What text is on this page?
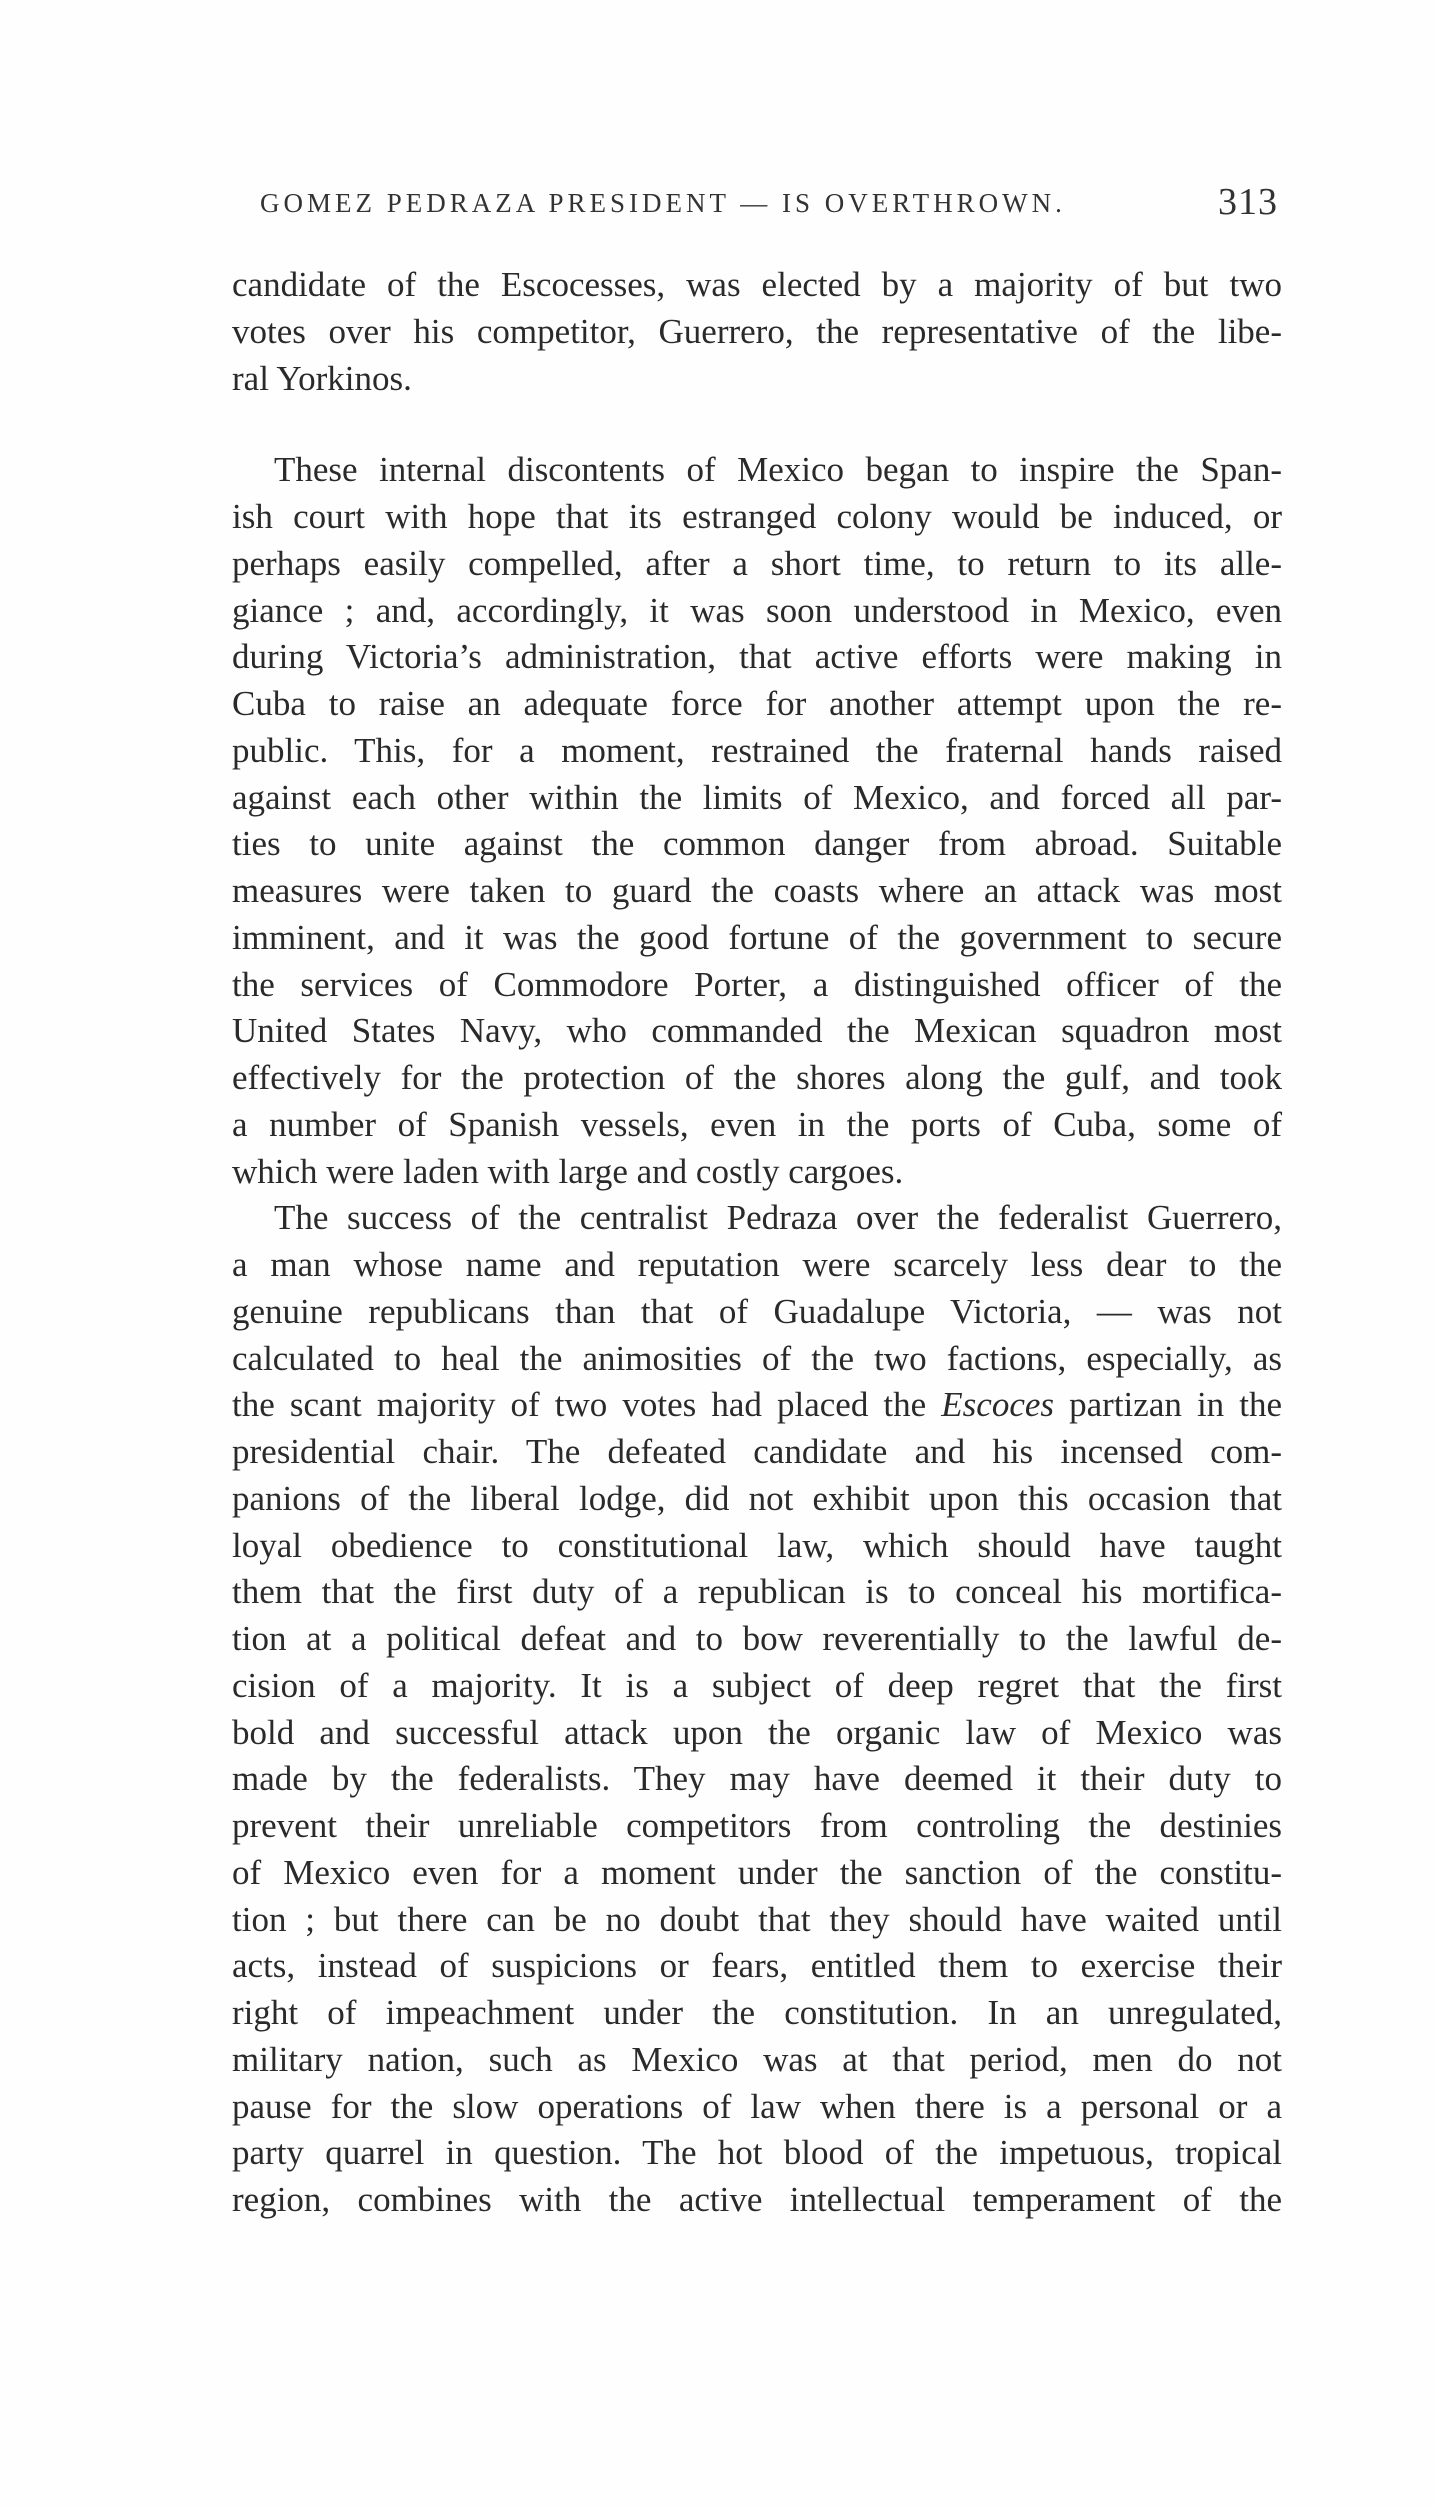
GOMEZ PEDRAZA PRESIDENT — IS OVERTHROWN.	313
candidate of the Escocesses, was elected by a majority of but two
votes over his competitor, Guerrero, the representative of the libe-
ral Yorkinos.
These internal discontents of Mexico began to inspire the Span-
ish court with hope that its estranged colony would be induced, or
perhaps easily compelled, after a short time, to return to its alle-
giance ; and, accordingly, it was soon understood in Mexico, even
during Victoria’s administration, that active efforts were making in
Cuba to raise an adequate force for another attempt upon the re-
public. This, for a moment, restrained the fraternal hands raised
against each other within the limits of Mexico, and forced all par-
ties to unite against the common danger from abroad. Suitable
measures were taken to guard the coasts where an attack was most
imminent, and it was the good fortune of the government to secure
the services of Commodore Porter, a distinguished officer of the
United States Navy, who commanded the Mexican squadron most
effectively for the protection of the shores along the gulf, and took
a number of Spanish vessels, even in the ports of Cuba, some of
which were laden with large and costly cargoes.
The success of the centralist Pedraza over the federalist Guerrero,
a man whose name and reputation were scarcely less dear to the
genuine republicans than that of Guadalupe Victoria, — was not
calculated to heal the animosities of the two factions, especially, as
the scant majority of two votes had placed the Escoces partizan in the
presidential chair. The defeated candidate and his incensed com-
panions of the liberal lodge, did not exhibit upon this occasion that
loyal obedience to constitutional law, which should have taught
them that the first duty of a republican is to conceal his mortifica-
tion at a political defeat and to bow reverentially to the lawful de-
cision of a majority. It is a subject of deep regret that the first
bold and successful attack upon the organic law of Mexico was
made by the federalists. They may have deemed it their duty to
prevent their unreliable competitors from controling the destinies
of Mexico even for a moment under the sanction of the constitu-
tion ; but there can be no doubt that they should have waited until
acts, instead of suspicions or fears, entitled them to exercise their
right of impeachment under the constitution. In an unregulated,
military nation, such as Mexico was at that period, men do not
pause for the slow operations of law when there is a personal or a
party quarrel in question. The hot blood of the impetuous, tropical
region, combines with the active intellectual temperament of the
